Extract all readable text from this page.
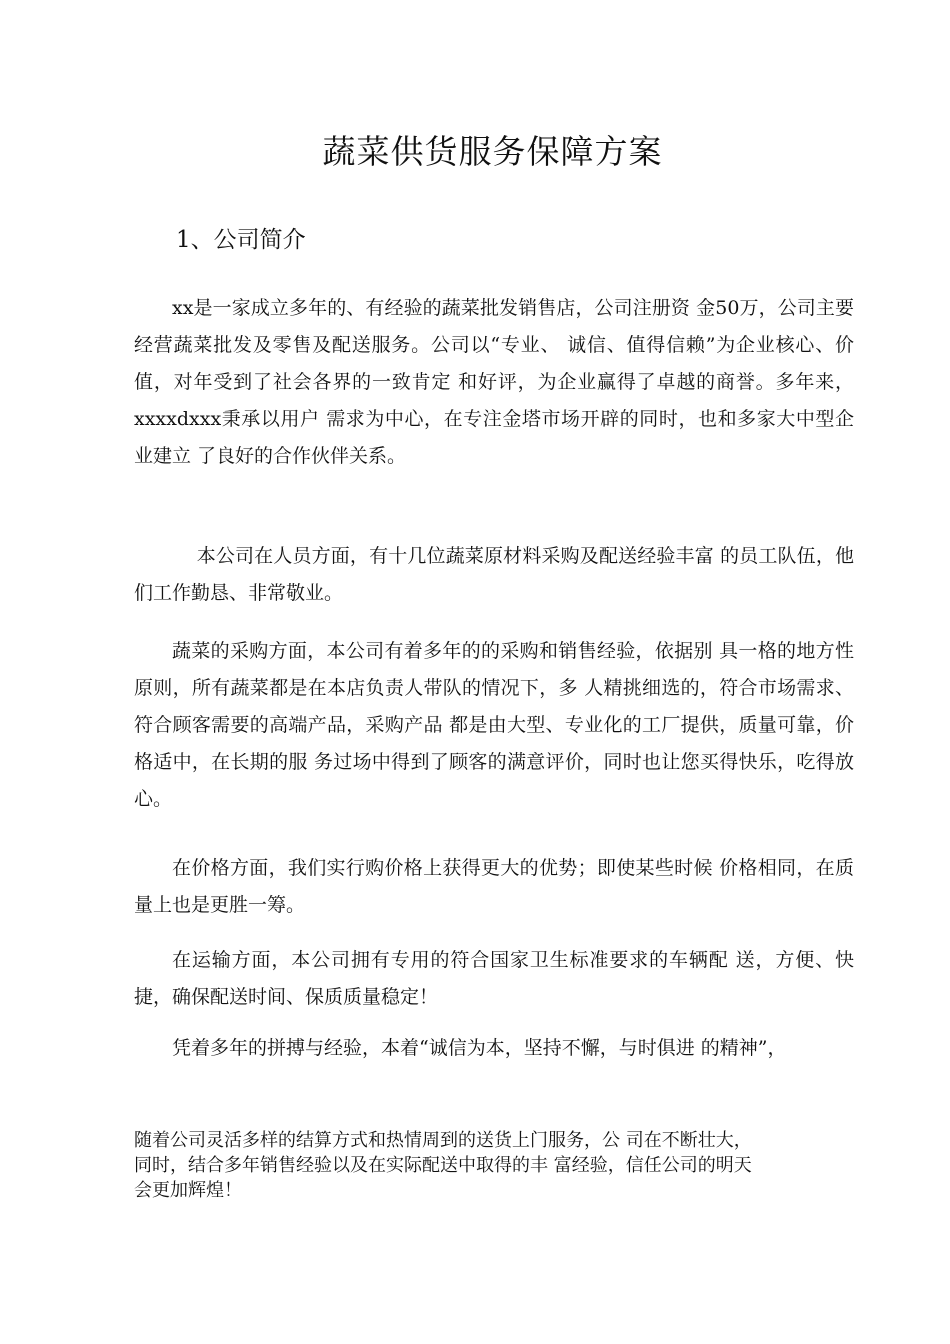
蔬菜供货服务保障方案
1、公司简介

xx是一家成立多年的、有经验的蔬菜批发销售店，公司注册资 金50万，公司主要经营蔬菜批发及零售及配送服务。公司以“专业、 诚信、值得信赖”为企业核心、价值，对年受到了社会各界的一致肯定 和好评，为企业赢得了卓越的商誉。多年来，xxxxdxxx秉承以用户 需求为中心，在专注金塔市场开辟的同时，也和多家大中型企业建立 了良好的合作伙伴关系。

本公司在人员方面，有十几位蔬菜原材料采购及配送经验丰富 的员工队伍，他们工作勤恳、非常敬业。

蔬菜的采购方面，本公司有着多年的的采购和销售经验，依据别 具一格的地方性原则，所有蔬菜都是在本店负责人带队的情况下，多 人精挑细选的，符合市场需求、符合顾客需要的高端产品，采购产品 都是由大型、专业化的工厂提供，质量可靠，价格适中，在长期的服 务过场中得到了顾客的满意评价，同时也让您买得快乐，吃得放心。

在价格方面，我们实行购价格上获得更大的优势；即使某些时候 价格相同，在质量上也是更胜一筹。

在运输方面，本公司拥有专用的符合国家卫生标准要求的车辆配 送，方便、快捷，确保配送时间、保质质量稳定！

凭着多年的拼搏与经验，本着“诚信为本，坚持不懈，与时俱进 的精神”，

随着公司灵活多样的结算方式和热情周到的送货上门服务，公 司在不断壮大，
同时，结合多年销售经验以及在实际配送中取得的丰 富经验，信任公司的明天
会更加辉煌！
